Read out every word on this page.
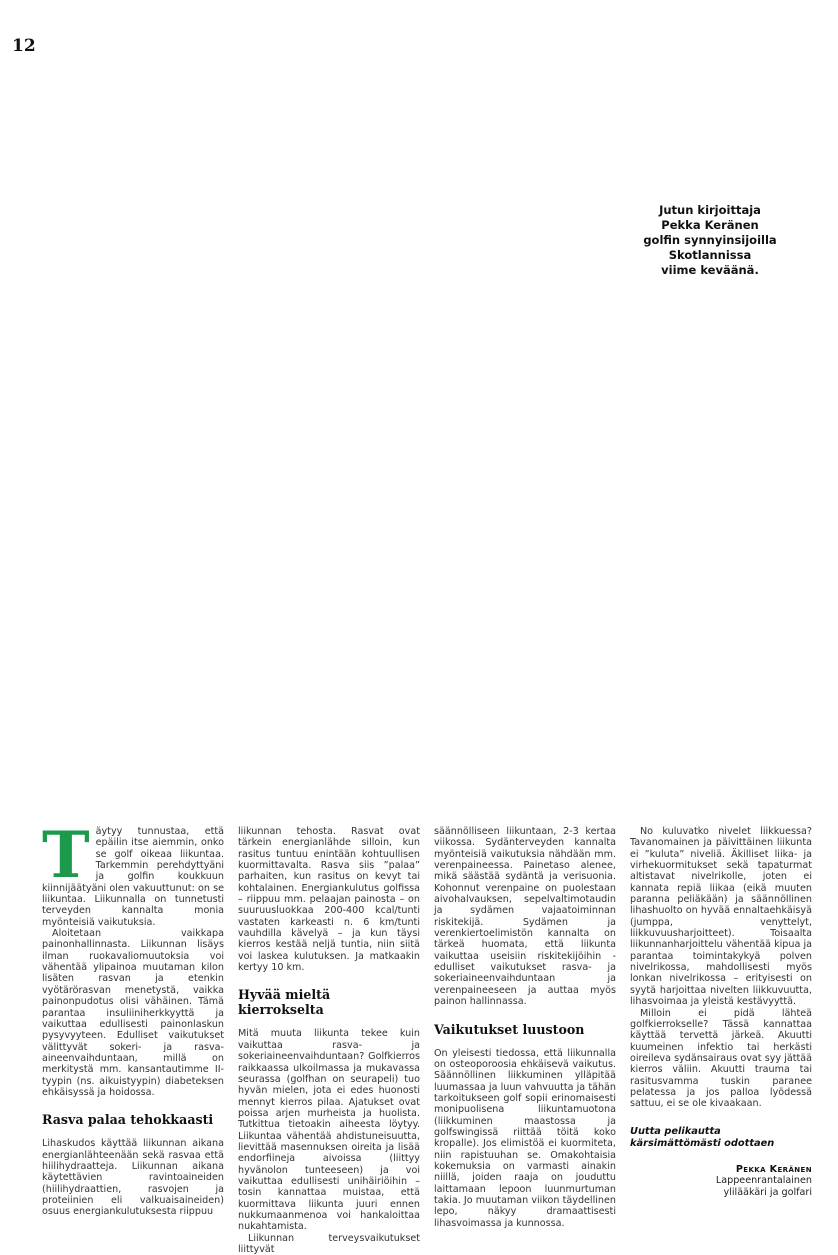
12
KUNTO
Jutun kirjoittaja
Pekka Keränen
golfin synnyinsijoilla
Skotlannissa
viime keväänä.
Golfilla monia
myönteisiä terveysvaikutuksia

Täytyy tunnustaa, että epäilin itse aiemmin, onko se golf oikeaa liikuntaa. Tarkemmin perehdyttyäni ja golfin koukkuun kiinnijäätyäni olen vakuuttunut: on se liikuntaa. Liikunnalla on tunnetusti terveyden kannalta monia myönteisiä vaikutuksia.

Aloitetaan vaikkapa painonhallinnasta. Liikunnan lisäys ilman ruokavaliomuutoksia voi vähentää ylipainoa muutaman kilon lisäten rasvan ja etenkin vyötärörasvan menetystä, vaikka painonpudotus olisi vähäinen. Tämä parantaa insuliiniherkkyyttä ja vaikuttaa edullisesti painonlaskun pysyvyyteen. Edulliset vaikutukset välittyvät sokeri- ja rasva-aineenvaihduntaan, millä on merkitystä mm. kansantautimme II-tyypin (ns. aikuistyypin) diabeteksen ehkäisyssä ja hoidossa.

Rasva palaa tehokkaasti

Lihaskudos käyttää liikunnan aikana energianlähteenään sekä rasvaa että hiilihydraatteja. Liikunnan aikana käytettävien ravintoaineiden (hiilihydraattien, rasvojen ja proteiinien eli valkuaisaineiden) osuus energiankulutuksesta riippuu

liikunnan tehosta. Rasvat ovat tärkein energianlähde silloin, kun rasitus tuntuu enintään kohtuullisen kuormittavalta. Rasva siis ”palaa” parhaiten, kun rasitus on kevyt tai kohtalainen. Energiankulutus golfissa – riippuu mm. pelaajan painosta – on suuruusluokkaa 200-400 kcal/tunti vastaten karkeasti n. 6 km/tunti vauhdilla kävelyä – ja kun täysi kierros kestää neljä tuntia, niin siitä voi laskea kulutuksen. Ja matkaakin kertyy 10 km.

Hyvää mieltä kierrokselta

Mitä muuta liikunta tekee kuin vaikuttaa rasva- ja sokeriaineenvaihduntaan? Golfkierros raikkaassa ulkoilmassa ja mukavassa seurassa (golfhan on seurapeli) tuo hyvän mielen, jota ei edes huonosti mennyt kierros pilaa. Ajatukset ovat poissa arjen murheista ja huolista. Tutkittua tietoakin aiheesta löytyy. Liikuntaa vähentää ahdistuneisuutta, lievittää masennuksen oireita ja lisää endorfiineja aivoissa (liittyy hyvänolon tunteeseen) ja voi vaikuttaa edullisesti unihäiriöihin – tosin kannattaa muistaa, että kuormittava liikunta juuri ennen nukkumaanmenoa voi hankaloittaa nukahtamista.

Liikunnan terveysvaikutukset liittyvät

säännölliseen liikuntaan, 2-3 kertaa viikossa. Sydänterveyden kannalta myönteisiä vaikutuksia nähdään mm. verenpaineessa. Painetaso alenee, mikä säästää sydäntä ja verisuonia. Kohonnut verenpaine on puolestaan aivohalvauksen, sepelvaltimotaudin ja sydämen vajaatoiminnan riskitekijä. Sydämen ja verenkiertoelimistön kannalta on tärkeä huomata, että liikunta vaikuttaa useisiin riskitekijöihin - edulliset vaikutukset rasva- ja sokeriaineenvaihduntaan ja verenpaineeseen ja auttaa myös painon hallinnassa.

Vaikutukset luustoon

On yleisesti tiedossa, että liikunnalla on osteoporoosia ehkäisevä vaikutus. Säännöllinen liikkuminen ylläpitää luumassaa ja luun vahvuutta ja tähän tarkoitukseen golf sopii erinomaisesti monipuolisena liikuntamuotona (liikkuminen maastossa ja golfswingissä riittää töitä koko kropalle). Jos elimistöä ei kuormiteta, niin rapistuuhan se. Omakohtaisia kokemuksia on varmasti ainakin niillä, joiden raaja on jouduttu laittamaan lepoon luunmurtuman takia. Jo muutaman viikon täydellinen lepo, näkyy dramaattisesti lihasvoimassa ja kunnossa.

No kuluvatko nivelet liikkuessa? Tavanomainen ja päivittäinen liikunta ei ”kuluta” niveliä. Äkilliset liika- ja virhekuormitukset sekä tapaturmat altistavat nivelrikolle, joten ei kannata repiä liikaa (eikä muuten paranna peliäkään) ja säännöllinen lihashuolto on hyvää ennaltaehkäisyä (jumppa, venyttelyt, liikkuvuusharjoitteet). Toisaalta liikunnanharjoittelu vähentää kipua ja parantaa toimintakykyä polven nivelrikossa, mahdollisesti myös lonkan nivelrikossa – erityisesti on syytä harjoittaa nivelten liikkuvuutta, lihasvoimaa ja yleistä kestävyyttä.

Milloin ei pidä lähteä golfkierrokselle? Tässä kannattaa käyttää tervettä järkeä. Akuutti kuumeinen infektio tai herkästi oireileva sydänsairaus ovat syy jättää kierros väliin. Akuutti trauma tai rasitusvamma tuskin paranee pelatessa ja jos palloa lyödessä sattuu, ei se ole kivaakaan.

Uutta pelikautta
kärsimättömästi odottaen
Pekka Keränen
Lappeenrantalainen
ylilääkäri ja golfari
